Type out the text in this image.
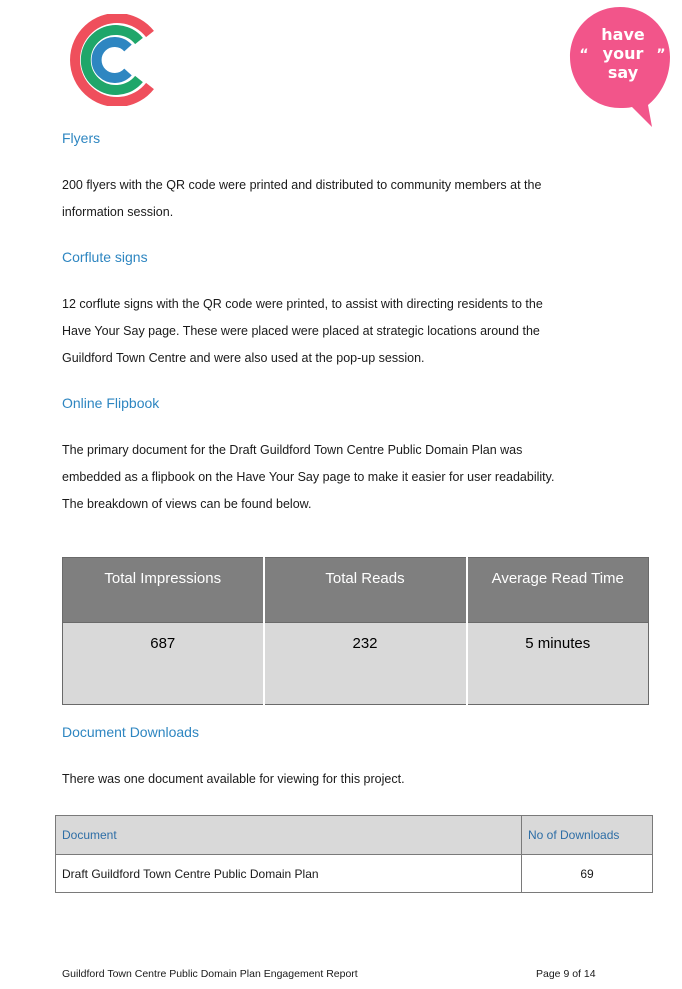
have
your
say
“	”
Flyers

200 flyers with the QR code were printed and distributed to community members at the
information session.

Corflute signs

12 corflute signs with the QR code were printed, to assist with directing residents to the
Have Your Say page. These were placed were placed at strategic locations around the
Guildford Town Centre and were also used at the pop-up session.

Online Flipbook

The primary document for the Draft Guildford Town Centre Public Domain Plan was
embedded as a flipbook on the Have Your Say page to make it easier for user readability.
The breakdown of views can be found below.

Total Impressions	Total Reads	Average Read Time
687	232	5 minutes
Document Downloads

There was one document available for viewing for this project.

Document	No of Downloads
Draft Guildford Town Centre Public Domain Plan	69
Guildford Town Centre Public Domain Plan Engagement Report	Page 9 of 14
